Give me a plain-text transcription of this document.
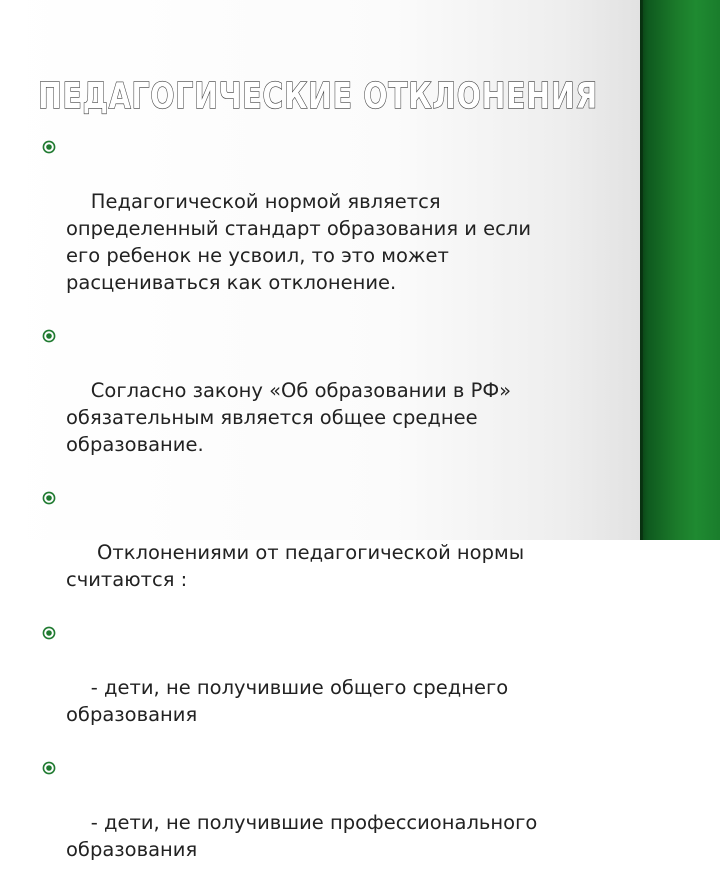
ПЕДАГОГИЧЕСКИЕ ОТКЛОНЕНИЯ

Педагогической нормой является
определенный стандарт образования и если
его ребенок не усвоил, то это может
расцениваться как отклонение.

Согласно закону «Об образовании в РФ»
обязательным является общее среднее
образование.

Отклонениями от педагогической нормы
считаются :

- дети, не получившие общего среднего
образования

- дети, не получившие профессионального
образования
